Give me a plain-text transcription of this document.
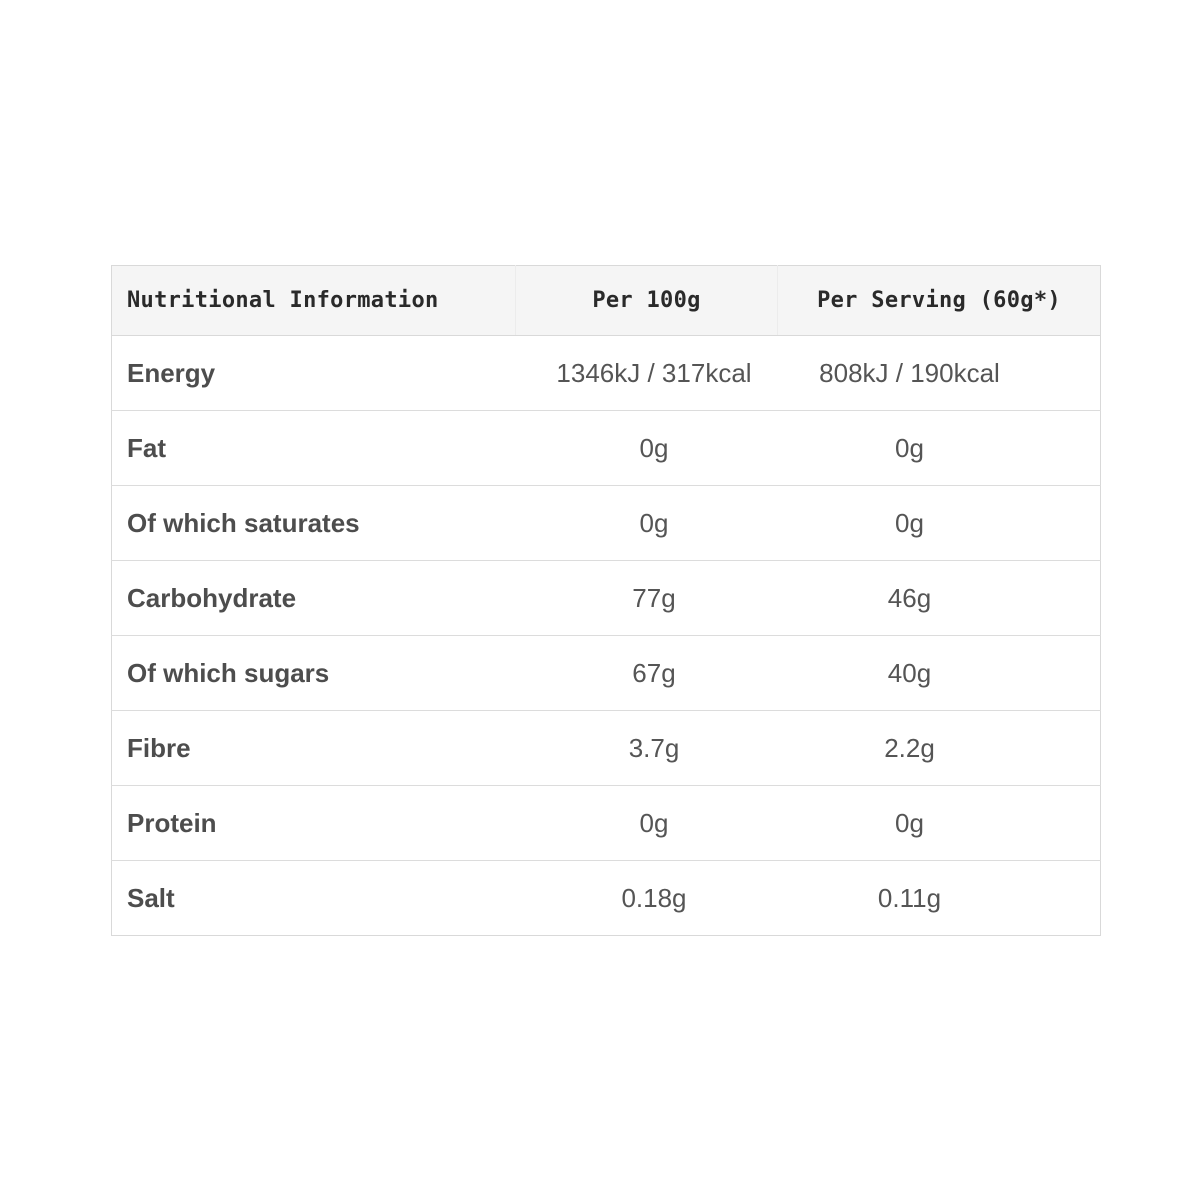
Nutritional Information	Per 100g	Per Serving (60g*)
Energy	1346kJ / 317kcal	808kJ / 190kcal

Fat	0g	0g

Of which saturates	0g	0g

Carbohydrate	77g	46g

Of which sugars	67g	40g

Fibre	3.7g	2.2g

Protein	0g	0g

Salt	0.18g	0.11g
